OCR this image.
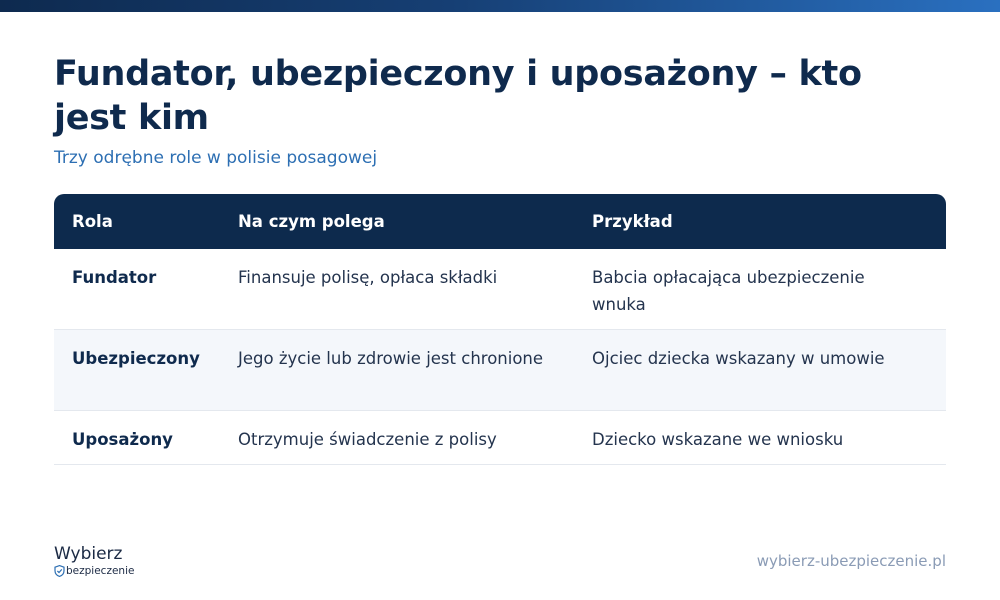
Fundator, ubezpieczony i uposażony – kto jest kim
Trzy odrębne role w polisie posagowej
Rola	Na czym polega	Przykład
Fundator	Finansuje polisę, opłaca składki	Babcia opłacająca ubezpieczenie wnuka
Ubezpieczony	Jego życie lub zdrowie jest chronione	Ojciec dziecka wskazany w umowie
Uposażony	Otrzymuje świadczenie z polisy	Dziecko wskazane we wniosku
Wybierz
bezpieczenie
wybierz-ubezpieczenie.pl
